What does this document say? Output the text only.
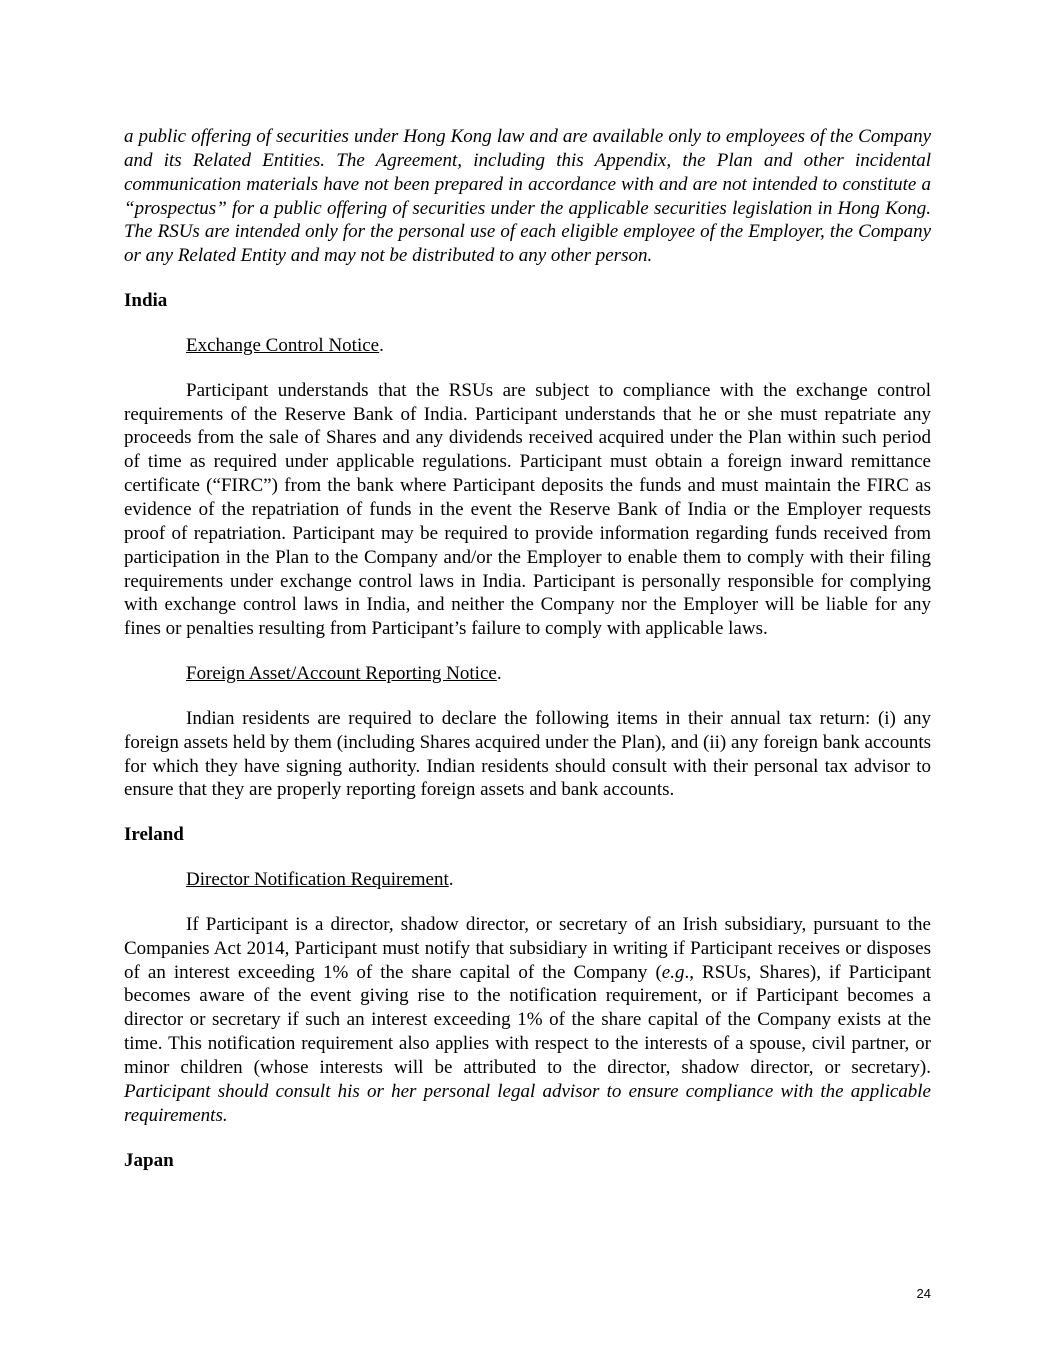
a public offering of securities under Hong Kong law and are available only to employees of the Company and its Related Entities. The Agreement, including this Appendix, the Plan and other incidental communication materials have not been prepared in accordance with and are not intended to constitute a “prospectus” for a public offering of securities under the applicable securities legislation in Hong Kong. The RSUs are intended only for the personal use of each eligible employee of the Employer, the Company or any Related Entity and may not be distributed to any other person.

India

Exchange Control Notice.

Participant understands that the RSUs are subject to compliance with the exchange control requirements of the Reserve Bank of India. Participant understands that he or she must repatriate any proceeds from the sale of Shares and any dividends received acquired under the Plan within such period of time as required under applicable regulations. Participant must obtain a foreign inward remittance certificate (“FIRC”) from the bank where Participant deposits the funds and must maintain the FIRC as evidence of the repatriation of funds in the event the Reserve Bank of India or the Employer requests proof of repatriation. Participant may be required to provide information regarding funds received from participation in the Plan to the Company and/or the Employer to enable them to comply with their filing requirements under exchange control laws in India. Participant is personally responsible for complying with exchange control laws in India, and neither the Company nor the Employer will be liable for any fines or penalties resulting from Participant’s failure to comply with applicable laws.

Foreign Asset/Account Reporting Notice.

Indian residents are required to declare the following items in their annual tax return: (i) any foreign assets held by them (including Shares acquired under the Plan), and (ii) any foreign bank accounts for which they have signing authority. Indian residents should consult with their personal tax advisor to ensure that they are properly reporting foreign assets and bank accounts.

Ireland

Director Notification Requirement.

If Participant is a director, shadow director, or secretary of an Irish subsidiary, pursuant to the Companies Act 2014, Participant must notify that subsidiary in writing if Participant receives or disposes of an interest exceeding 1% of the share capital of the Company (e.g., RSUs, Shares), if Participant becomes aware of the event giving rise to the notification requirement, or if Participant becomes a director or secretary if such an interest exceeding 1% of the share capital of the Company exists at the time. This notification requirement also applies with respect to the interests of a spouse, civil partner, or minor children (whose interests will be attributed to the director, shadow director, or secretary). Participant should consult his or her personal legal advisor to ensure compliance with the applicable requirements.

Japan

24
